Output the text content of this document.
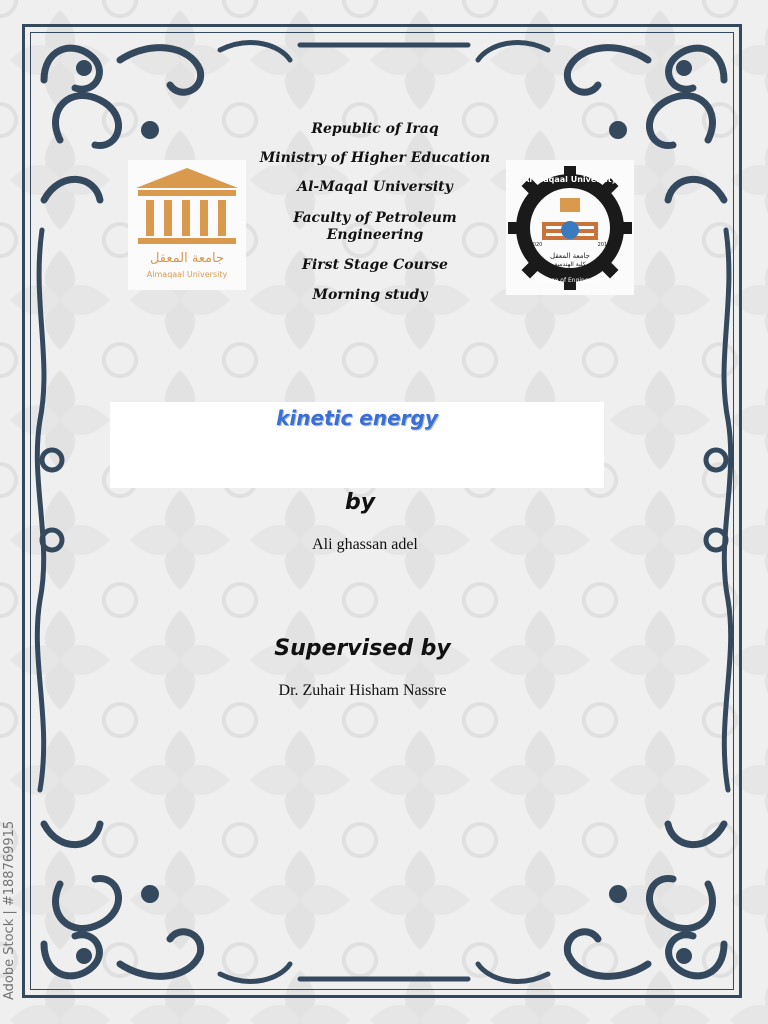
Republic of Iraq
Ministry of Higher Education
Al-Maqal University
Faculty of Petroleum Engineering
First Stage Course
Morning study
جامعة المعقل
Almaqaal University
Al maqaal University
جامعة المعقل
كلية الهندسة
College of Engineering
2020	2016
kinetic energy
by
Ali ghassan adel
Supervised by
Dr. Zuhair Hisham Nassre
Adobe Stock | #188769915
